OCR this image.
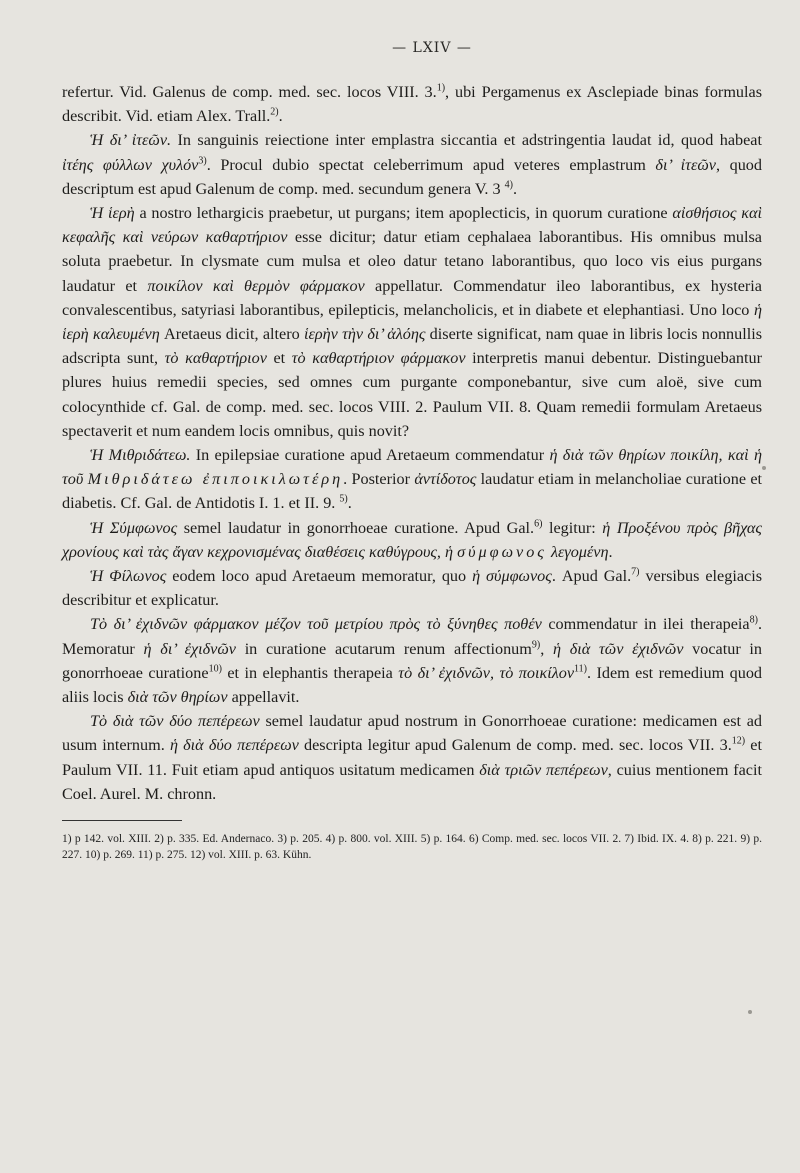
— LXIV —

refertur. Vid. Galenus de comp. med. sec. locos VIII. 3.$^{1)}$, ubi Pergamenus ex Asclepiade binas formulas describit. Vid. etiam Alex. Trall.$^{2)}$.

Ἡ δι’ ἰτεῶν. In sanguinis reiectione inter emplastra siccantia et adstringentia laudat id, quod habeat ἰτέης φύλλων χυλόν$^{3)}$. Procul dubio spectat celeberrimum apud veteres emplastrum δι’ ἰτεῶν, quod descriptum est apud Galenum de comp. med. secundum genera V. 3 $^{4)}$.

Ἡ ἱερὴ a nostro lethargicis praebetur, ut purgans; item apoplecticis, in quorum curatione αἰσθήσιος καὶ κεφαλῆς καὶ νεύρων καθαρτήριον esse dicitur; datur etiam cephalaea laborantibus. His omnibus mulsa soluta praebetur. In clysmate cum mulsa et oleo datur tetano laborantibus, quo loco vis eius purgans laudatur et ποικίλον καὶ θερμὸν φάρμακον appellatur. Commendatur ileo laborantibus, ex hysteria convalescentibus, satyriasi laborantibus, epilepticis, melancholicis, et in diabete et elephantiasi. Uno loco ἡ ἱερὴ καλευμένη Aretaeus dicit, altero ἱερὴν τὴν δι’ ἀλόης diserte significat, nam quae in libris locis nonnullis adscripta sunt, τὸ καθαρτήριον et τὸ καθαρτήριον φάρμακον interpretis manui debentur. Distinguebantur plures huius remedii species, sed omnes cum purgante componebantur, sive cum aloë, sive cum colocynthide cf. Gal. de comp. med. sec. locos VIII. 2. Paulum VII. 8. Quam remedii formulam Aretaeus spectaverit et num eandem locis omnibus, quis novit?

Ἡ Μιθριδάτεω. In epilepsiae curatione apud Aretaeum commendatur ἡ διὰ τῶν θηρίων ποικίλη, καὶ ἡ τοῦ Μιθριδάτεω ἐπιποικιλωτέρη. Posterior ἀντίδοτος laudatur etiam in melancholiae curatione et diabetis. Cf. Gal. de Antidotis I. 1. et II. 9. $^{5)}$.

Ἡ Σύμφωνος semel laudatur in gonorrhoeae curatione. Apud Gal.$^{6)}$ legitur: ἡ Προξένου πρὸς βῆχας χρονίους καὶ τὰς ἄγαν κεχρονισμένας διαθέσεις καθύγρους, ἡ σύμφωνος λεγομένη.

Ἡ Φίλωνος eodem loco apud Aretaeum memoratur, quo ἡ σύμφωνος. Apud Gal.$^{7)}$ versibus elegiacis describitur et explicatur.

Τὸ δι’ ἐχιδνῶν φάρμακον μέζον τοῦ μετρίου πρὸς τὸ ξύνηθες ποθέν commendatur in ilei therapeia$^{8)}$. Memoratur ἡ δι’ ἐχιδνῶν in curatione acutarum renum affectionum$^{9)}$, ἡ διὰ τῶν ἐχιδνῶν vocatur in gonorrhoeae curatione$^{10)}$ et in elephantis therapeia τὸ δι’ ἐχιδνῶν, τὸ ποικίλον$^{11)}$. Idem est remedium quod aliis locis διὰ τῶν θηρίων appellavit.

Τὸ διὰ τῶν δύο πεπέρεων semel laudatur apud nostrum in Gonorrhoeae curatione: medicamen est ad usum internum. ἡ διὰ δύο πεπέρεων descripta legitur apud Galenum de comp. med. sec. locos VII. 3.$^{12)}$ et Paulum VII. 11. Fuit etiam apud antiquos usitatum medicamen διὰ τριῶν πεπέρεων, cuius mentionem facit Coel. Aurel. M. chronn.

1) p 142. vol. XIII. 2) p. 335. Ed. Andernaco. 3) p. 205. 4) p. 800. vol. XIII. 5) p. 164. 6) Comp. med. sec. locos VII. 2. 7) Ibid. IX. 4. 8) p. 221. 9) p. 227. 10) p. 269. 11) p. 275. 12) vol. XIII. p. 63. Kühn.
